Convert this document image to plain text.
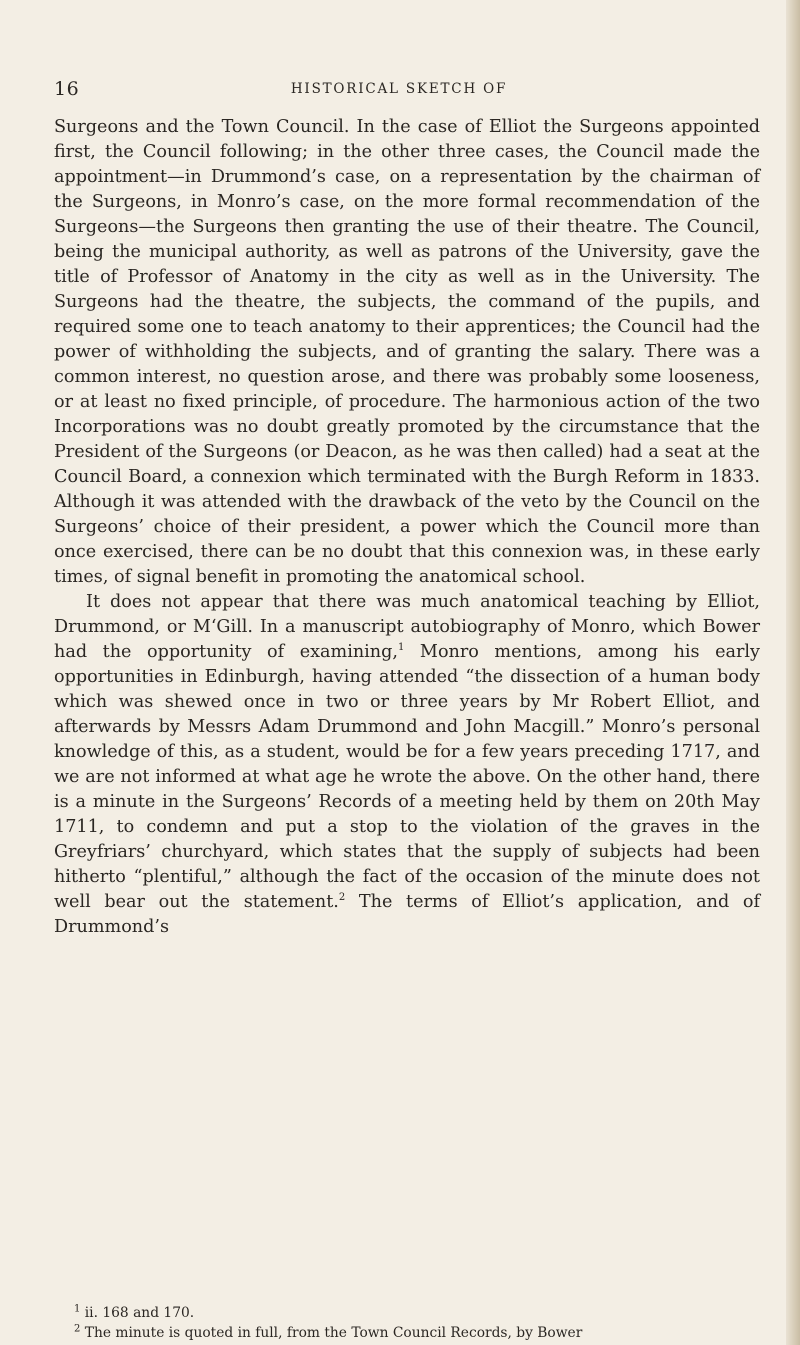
16	HISTORICAL SKETCH OF

Surgeons and the Town Council. In the case of Elliot the Surgeons appointed first, the Council following; in the other three cases, the Council made the appointment—in Drummond’s case, on a representation by the chairman of the Surgeons, in Monro’s case, on the more formal recommendation of the Surgeons—the Surgeons then granting the use of their theatre. The Council, being the municipal authority, as well as patrons of the University, gave the title of Professor of Anatomy in the city as well as in the University. The Surgeons had the theatre, the subjects, the command of the pupils, and required some one to teach anatomy to their apprentices; the Council had the power of withholding the subjects, and of granting the salary. There was a common interest, no question arose, and there was probably some looseness, or at least no fixed principle, of procedure. The harmonious action of the two Incorporations was no doubt greatly promoted by the circumstance that the President of the Surgeons (or Deacon, as he was then called) had a seat at the Council Board, a connexion which terminated with the Burgh Reform in 1833. Although it was attended with the drawback of the veto by the Council on the Surgeons’ choice of their president, a power which the Council more than once exercised, there can be no doubt that this connexion was, in these early times, of signal benefit in promoting the anatomical school.

It does not appear that there was much anatomical teaching by Elliot, Drummond, or M‘Gill. In a manuscript autobiography of Monro, which Bower had the opportunity of examining,$^1$ Monro mentions, among his early opportunities in Edinburgh, having attended “the dissection of a human body which was shewed once in two or three years by Mr Robert Elliot, and afterwards by Messrs Adam Drummond and John Macgill.” Monro’s personal knowledge of this, as a student, would be for a few years preceding 1717, and we are not informed at what age he wrote the above. On the other hand, there is a minute in the Surgeons’ Records of a meeting held by them on 20th May 1711, to condemn and put a stop to the violation of the graves in the Greyfriars’ churchyard, which states that the supply of subjects had been hitherto “plentiful,” although the fact of the occasion of the minute does not well bear out the statement.$^2$ The terms of Elliot’s application, and of Drummond’s

$^1$ ii. 168 and 170.
$^2$ The minute is quoted in full, from the Town Council Records, by Bower
